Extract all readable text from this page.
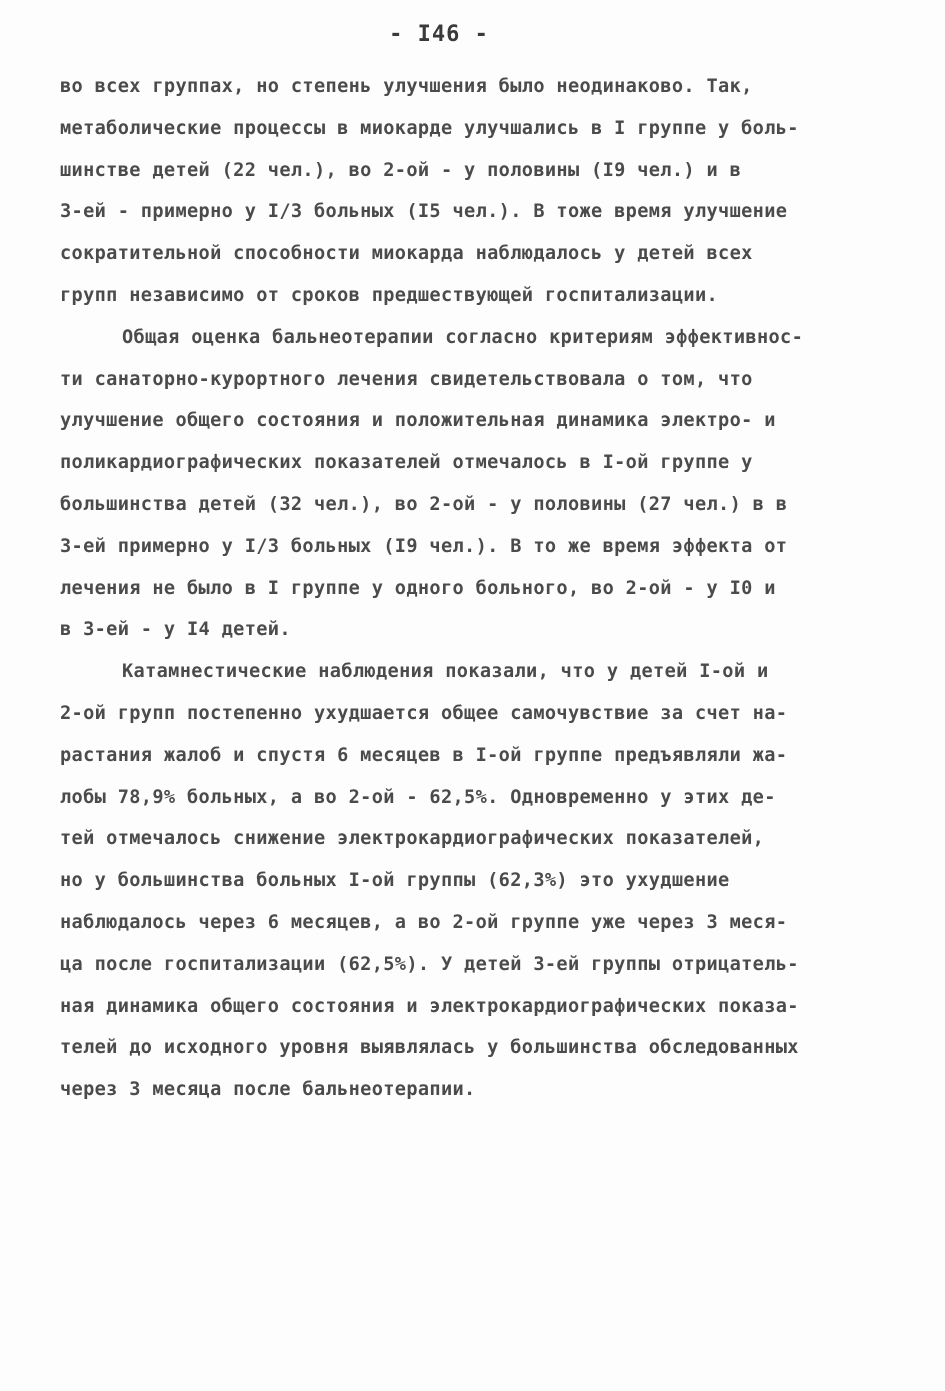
- I46 -
во всех группах, но степень улучшения было неодинаково. Так,
метаболические процессы в миокарде улучшались в I группе у боль-
шинстве детей (22 чел.), во 2-ой - у половины (I9 чел.) и в
3-ей - примерно у I/3 больных (I5 чел.). В тоже время улучшение
сократительной способности миокарда наблюдалось у детей всех
групп независимо от сроков предшествующей госпитализации.
Общая оценка бальнеотерапии согласно критериям эффективнос-
ти санаторно-курортного лечения свидетельствовала о том, что
улучшение общего состояния и положительная динамика электро- и
поликардиографических показателей отмечалось в I-ой группе у
большинства детей (32 чел.), во 2-ой - у половины (27 чел.) в в
3-ей примерно у I/3 больных (I9 чел.). В то же время эффекта от
лечения не было в I группе у одного больного, во 2-ой - у I0 и
в 3-ей - у I4 детей.
Катамнестические наблюдения показали, что у детей I-ой и
2-ой групп постепенно ухудшается общее самочувствие за счет на-
растания жалоб и спустя 6 месяцев в I-ой группе предъявляли жа-
лобы 78,9% больных, а во 2-ой - 62,5%. Одновременно у этих де-
тей отмечалось снижение электрокардиографических показателей,
но у большинства больных I-ой группы (62,3%) это ухудшение
наблюдалось через 6 месяцев, а во 2-ой группе уже через 3 меся-
ца после госпитализации (62,5%). У детей 3-ей группы отрицатель-
ная динамика общего состояния и электрокардиографических показа-
телей до исходного уровня выявлялась у большинства обследованных
через 3 месяца после бальнеотерапии.
